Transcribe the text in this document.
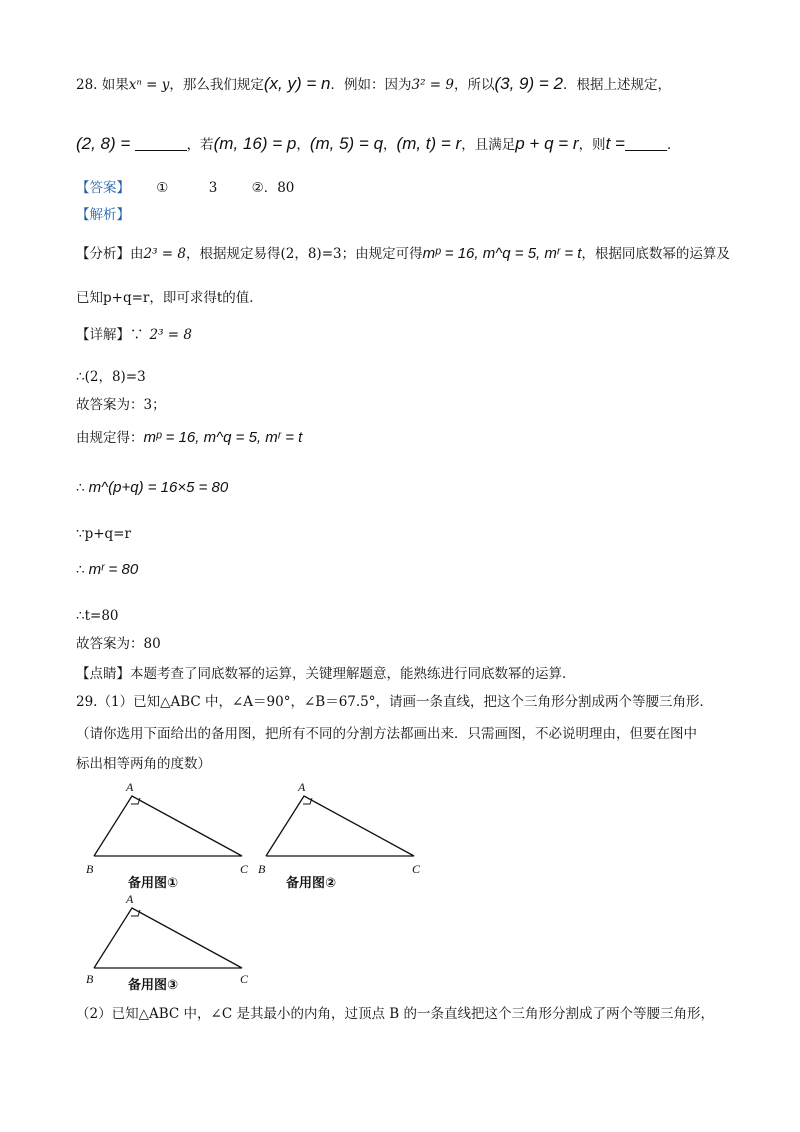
28. 如果xⁿ = y，那么我们规定(x, y) = n．例如：因为3² = 9，所以(3, 9) = 2．根据上述规定，
(2, 8) =	，若(m, 16) = p，(m, 5) = q，(m, t) = r，且满足p + q = r，则t =	．
【答案】 ①	3	②．80
【解析】
【分析】由2³ = 8，根据规定易得(2，8)=3；由规定可得mᵖ = 16, m^q = 5, mʳ = t，根据同底数幂的运算及
已知p+q=r，即可求得t的值．
【详解】∵ 2³ = 8
∴(2，8)=3
故答案为：3；
由规定得：mᵖ = 16, m^q = 5, mʳ = t
∴ m^(p+q) = 16×5 = 80
∵p+q=r
∴ mʳ = 80
∴t=80
故答案为：80
【点睛】本题考查了同底数幂的运算，关键理解题意，能熟练进行同底数幂的运算．
29.（1）已知△ABC 中，∠A＝90°，∠B＝67.5°，请画一条直线，把这个三角形分割成两个等腰三角形．
（请你选用下面给出的备用图，把所有不同的分割方法都画出来．只需画图，不必说明理由，但要在图中
标出相等两角的度数）
A
B	C
备用图①
A
B	C
备用图②
A
B	C
备用图③
（2）已知△ABC 中，∠C 是其最小的内角，过顶点 B 的一条直线把这个三角形分割成了两个等腰三角形，
